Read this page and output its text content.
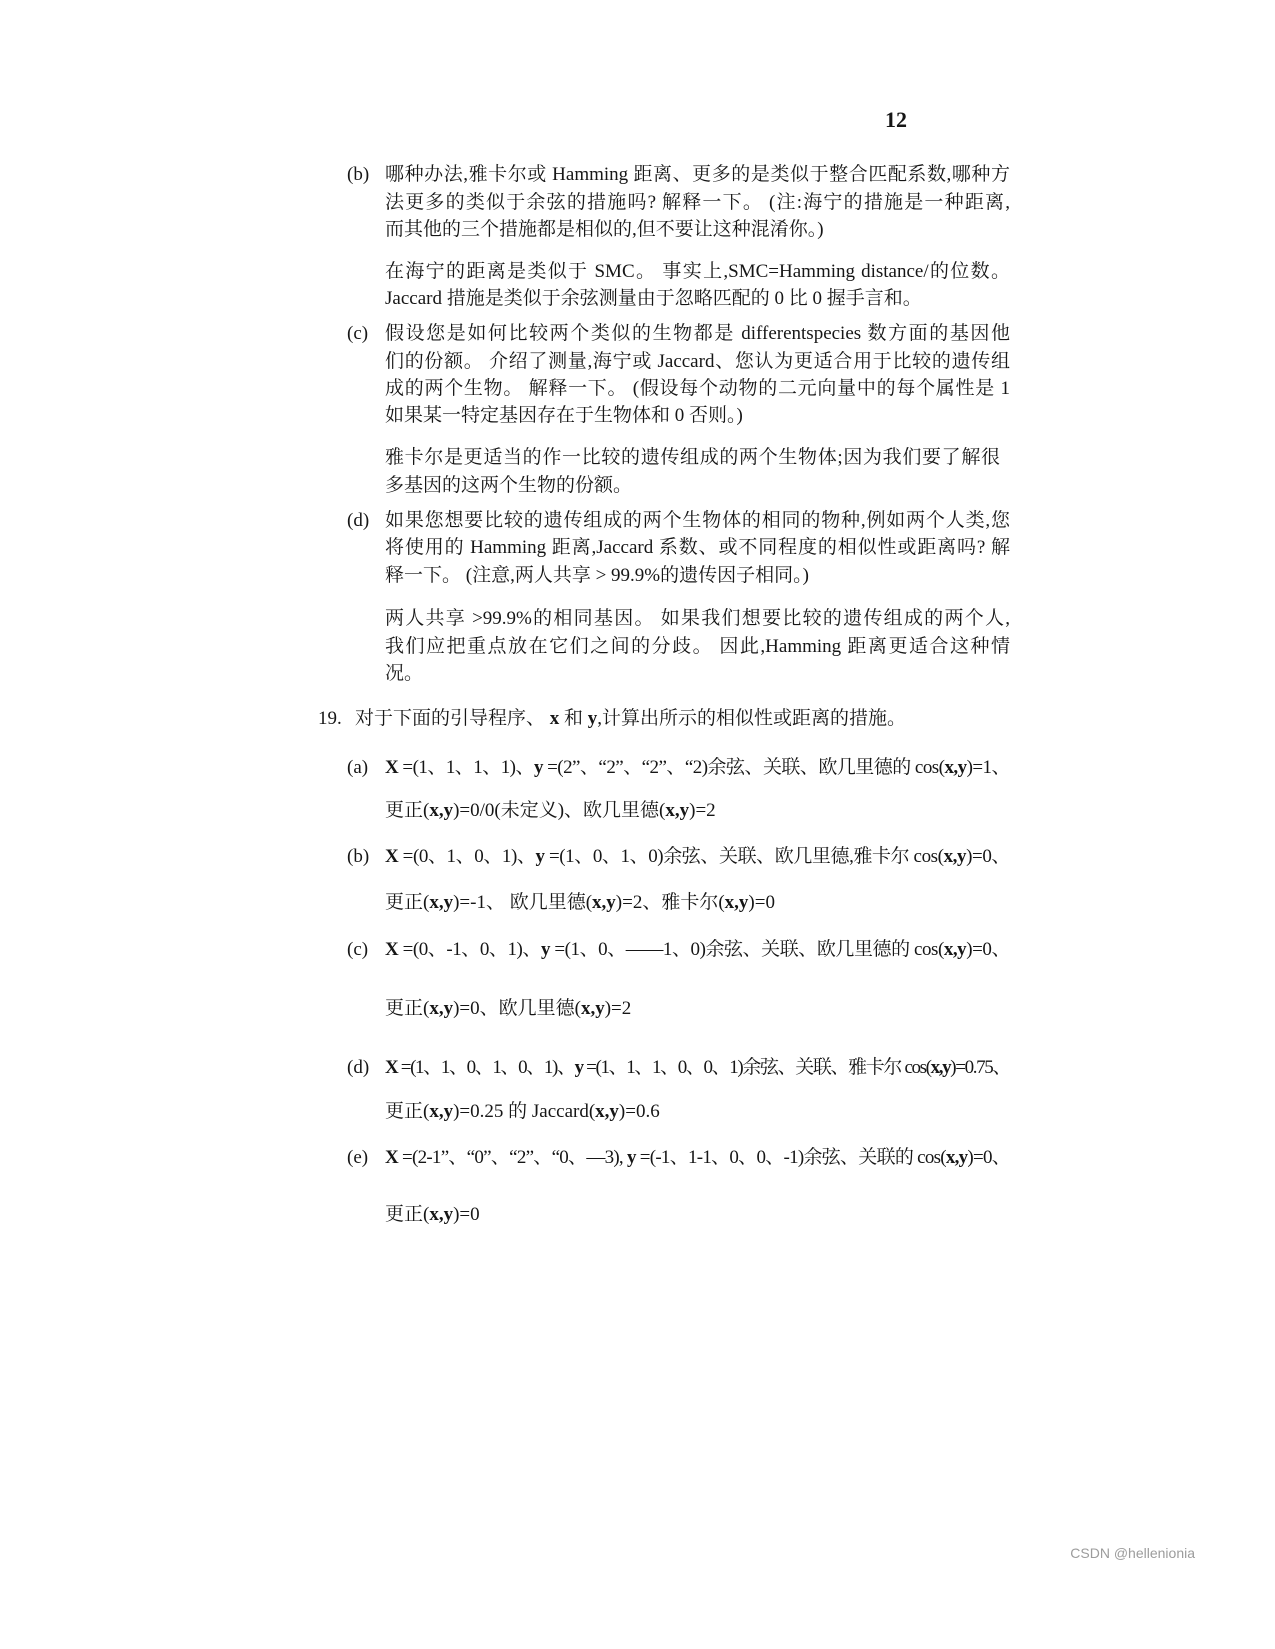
12
(b) 哪种办法,雅卡尔或 Hamming 距离、更多的是类似于整合匹配系数,哪种方
法更多的类似于余弦的措施吗? 解释一下。 (注:海宁的措施是一种距离,
而其他的三个措施都是相似的,但不要让这种混淆你。)
在海宁的距离是类似于 SMC。 事实上,SMC=Hamming distance/的位数。
Jaccard 措施是类似于余弦测量由于忽略匹配的 0 比 0 握手言和。
(c) 假设您是如何比较两个类似的生物都是 differentspecies 数方面的基因他
们的份额。 介绍了测量,海宁或 Jaccard、您认为更适合用于比较的遗传组
成的两个生物。 解释一下。 (假设每个动物的二元向量中的每个属性是 1
如果某一特定基因存在于生物体和 0 否则。)
雅卡尔是更适当的作一比较的遗传组成的两个生物体;因为我们要了解很
多基因的这两个生物的份额。
(d) 如果您想要比较的遗传组成的两个生物体的相同的物种,例如两个人类,您
将使用的 Hamming 距离,Jaccard 系数、或不同程度的相似性或距离吗? 解
释一下。 (注意,两人共享 > 99.9%的遗传因子相同。)
两人共享 >99.9%的相同基因。 如果我们想要比较的遗传组成的两个人,
我们应把重点放在它们之间的分歧。 因此,Hamming 距离更适合这种情
况。
19. 对于下面的引导程序、 x 和 y,计算出所示的相似性或距离的措施。
(a) X =(1、1、1、1)、y =(2”、“2”、“2”、“2)余弦、关联、欧几里德的 cos(x,y)=1、
更正(x,y)=0/0(未定义)、欧几里德(x,y)=2
(b) X =(0、1、0、1)、y =(1、0、1、0)余弦、关联、欧几里德,雅卡尔 cos(x,y)=0、
更正(x,y)=-1、 欧几里德(x,y)=2、雅卡尔(x,y)=0
(c) X =(0、-1、0、1)、y =(1、0、——1、0)余弦、关联、欧几里德的 cos(x,y)=0、
更正(x,y)=0、欧几里德(x,y)=2
(d) X =(1、1、0、1、0、1)、y =(1、1、1、0、0、1)余弦、关联、雅卡尔 cos(x,y)=0.75、
更正(x,y)=0.25 的 Jaccard(x,y)=0.6
(e) X =(2-1”、“0”、“2”、“0、—3), y =(-1、1-1、0、0、-1)余弦、关联的 cos(x,y)=0、
更正(x,y)=0
CSDN @hellenionia
